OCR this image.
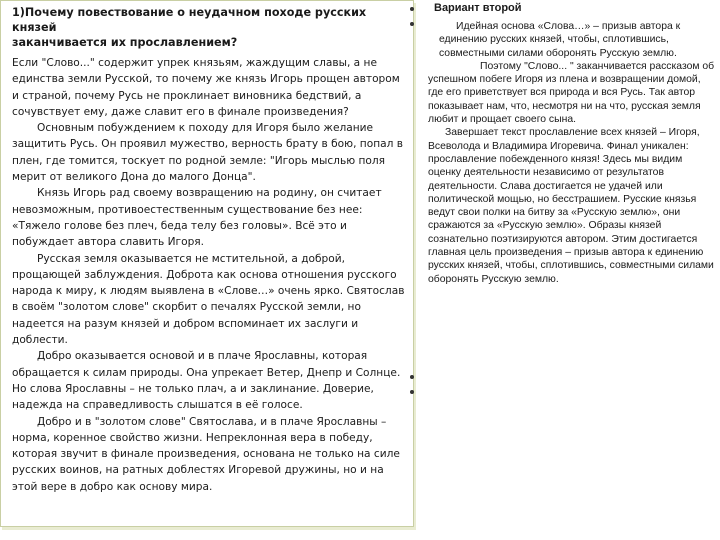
1)Почему повествование о неудачном походе русских князей
заканчивается их прославлением?

Если "Слово..." содержит упрек князьям, жаждущим славы, а не единства земли Русской, то почему же князь Игорь прощен автором и страной, почему Русь не проклинает виновника бедствий, а сочувствует ему, даже славит его в финале произведения?

Основным побуждением к походу для Игоря было желание защитить Русь. Он проявил мужество, верность брату в бою, попал в плен, где томится, тоскует по родной земле: "Игорь мыслью поля мерит от великого Дона до малого Донца".

Князь Игорь рад своему возвращению на родину, он считает невозможным, противоестественным существование без нее: «Тяжело голове без плеч, беда телу без головы». Всё это и побуждает автора славить Игоря.

Русская земля оказывается не мстительной, а доброй, прощающей заблуждения. Доброта как основа отношения русского народа к миру, к людям выявлена в «Слове…» очень ярко. Святослав в своём "золотом слове" скорбит о печалях Русской земли, но надеется на разум князей и добром вспоминает их заслуги и доблести.

Добро оказывается основой и в плаче Ярославны, которая обращается к силам природы. Она упрекает Ветер, Днепр и Солнце. Но слова Ярославны – не только плач, а и заклинание. Доверие, надежда на справедливость слышатся в её голосе.

Добро и в "золотом слове" Святослава, и в плаче Ярославны – норма, коренное свойство жизни. Непреклонная вера в победу, которая звучит в финале произведения, основана не только на силе русских воинов, на ратных доблестях Игоревой дружины, но и на этой вере в добро как основу мира.

Вариант второй

Идейная основа «Слова…» – призыв автора к единению русских князей, чтобы, сплотившись, совместными силами оборонять Русскую землю.

Поэтому "Слово... " заканчивается рассказом об успешном побеге Игоря из плена и возвращении домой, где его приветствует вся природа и вся Русь. Так автор показывает нам, что, несмотря ни на что, русская земля любит и прощает своего сына.

Завершает текст прославление всех князей – Игоря, Всеволода и Владимира Игоревича. Финал уникален: прославление побежденного князя! Здесь мы видим оценку деятельности независимо от результатов деятельности. Слава достигается не удачей или политической мощью, но бесстрашием. Русские князья ведут свои полки на битву за «Русскую землю», они сражаются за «Русскую землю». Образы князей сознательно поэтизируются автором. Этим достигается главная цель произведения – призыв автора к единению русских князей, чтобы, сплотившись, совместными силами оборонять Русскую землю.
